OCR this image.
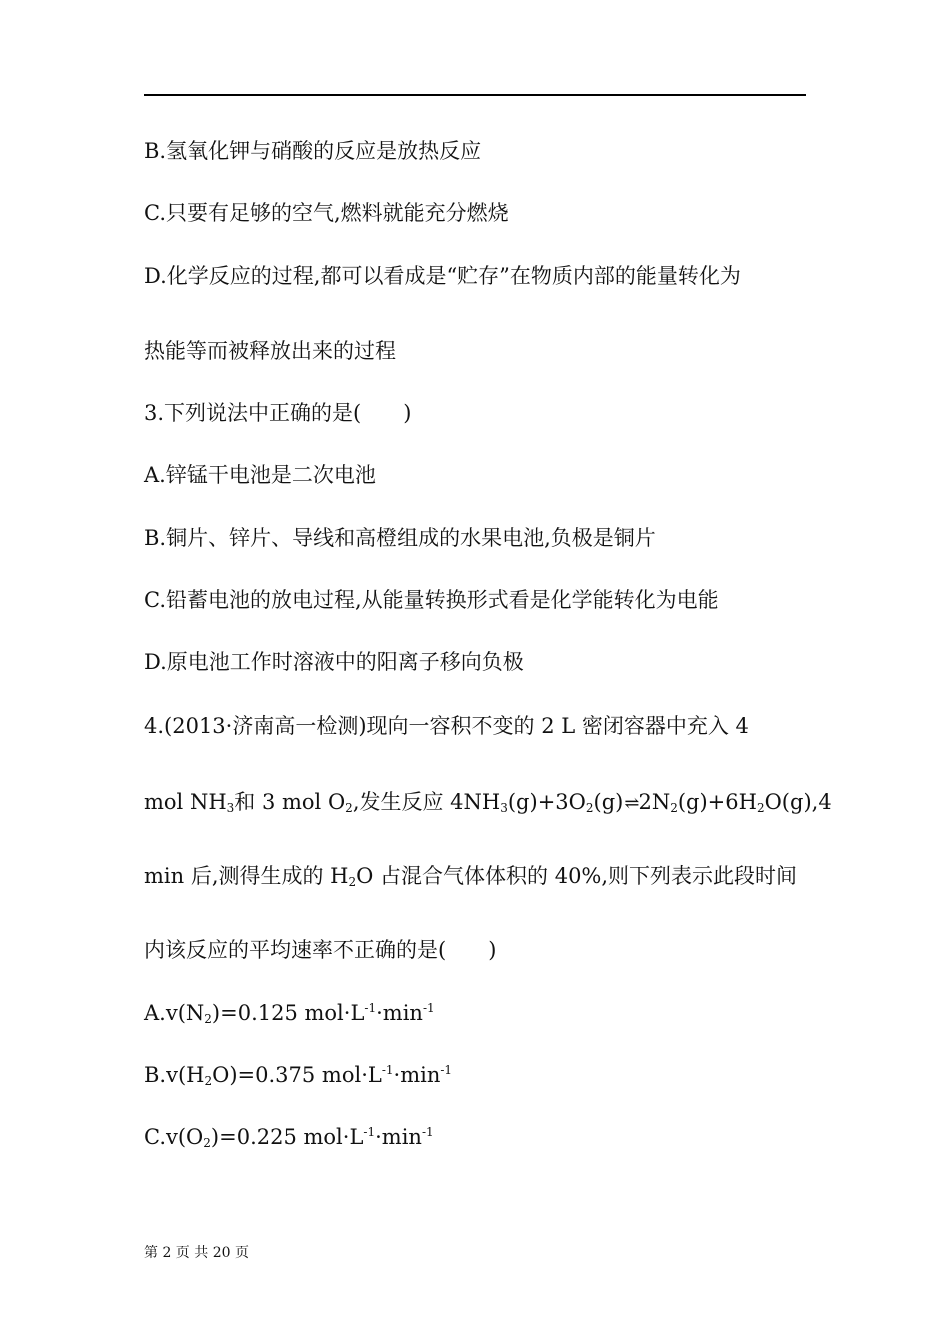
B.氢氧化钾与硝酸的反应是放热反应
C.只要有足够的空气,燃料就能充分燃烧
D.化学反应的过程,都可以看成是“贮存”在物质内部的能量转化为
热能等而被释放出来的过程
3.下列说法中正确的是(　　)
A.锌锰干电池是二次电池
B.铜片、锌片、导线和高橙组成的水果电池,负极是铜片
C.铅蓄电池的放电过程,从能量转换形式看是化学能转化为电能
D.原电池工作时溶液中的阳离子移向负极
4.(2013·济南高一检测)现向一容积不变的 2 L 密闭容器中充入 4
mol $NH_3$和 3 mol $O_2$,发生反应 $4NH_3(g)+3O_2(g)\rightleftharpoons 2N_2(g)+6H_2O(g),4$
min 后,测得生成的 $H_2O$ 占混合气体体积的 40%,则下列表示此段时间
内该反应的平均速率不正确的是(　　)
$A.v(N_2)=0.125$ $mol\cdot L^{-1}\cdot\min^{-1}$
$B.v(H_2O)=0.375$ $mol\cdot L^{-1}\cdot\min^{-1}$
$C.v(O_2)=0.225$ $mol\cdot L^{-1}\cdot\min^{-1}$
第 2 页 共 20 页
